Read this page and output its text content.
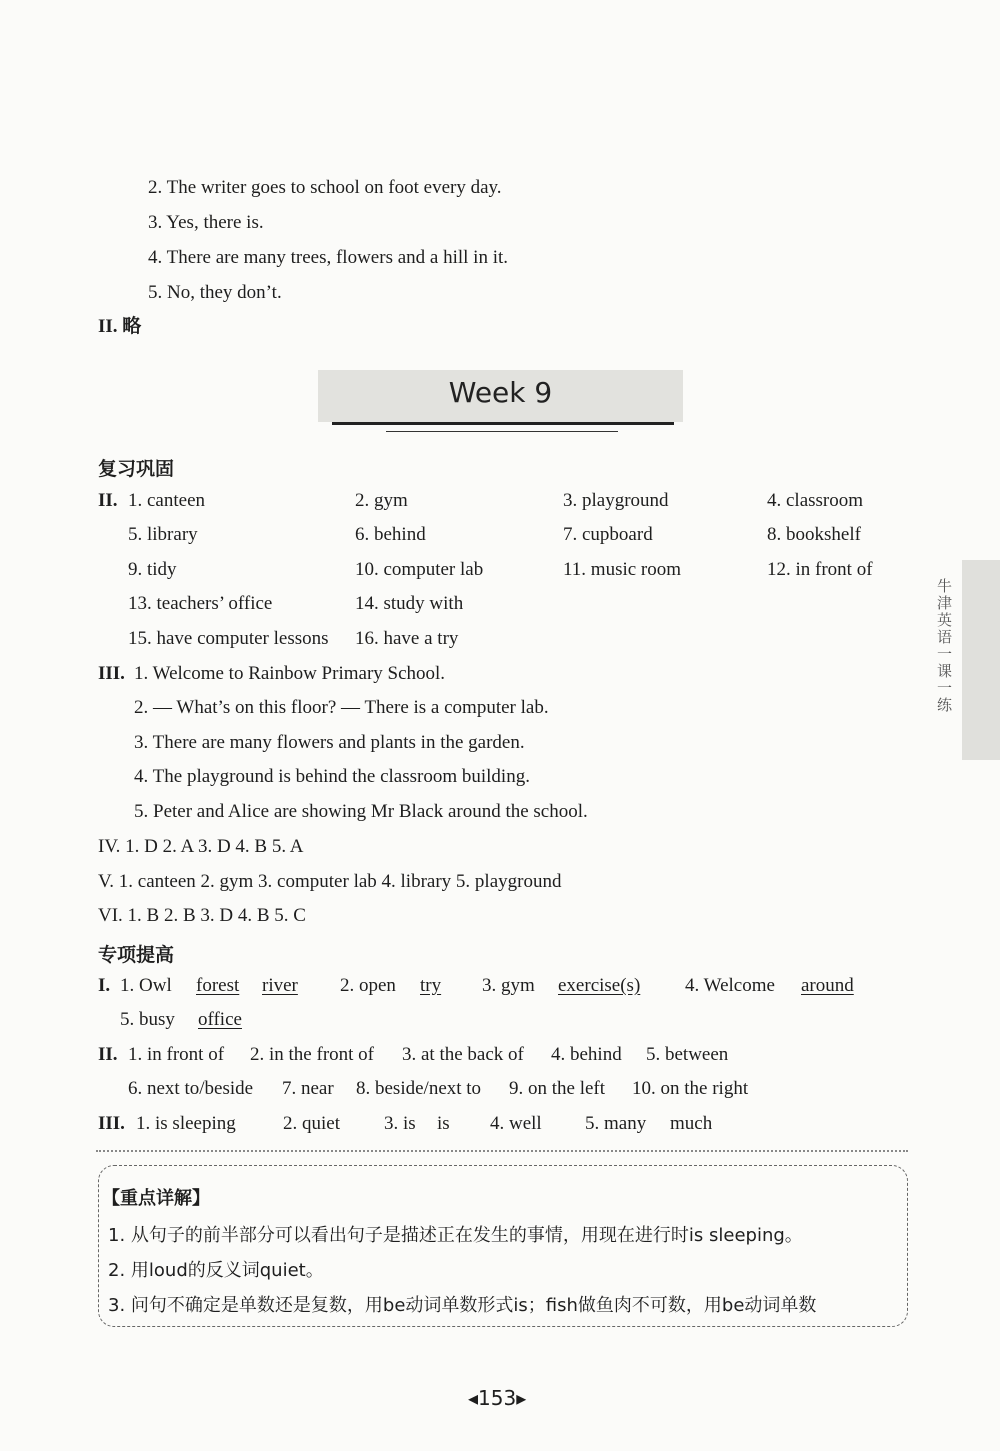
2. The writer goes to school on foot every day.
3. Yes, there is.
4. There are many trees, flowers and a hill in it.
5. No, they don’t.
II. 略
Week 9
牛津英语一课一练
复习巩固
II. 1. canteen	2. gym	3. playground	4. classroom
5. library	6. behind	7. cupboard	8. bookshelf
9. tidy	10. computer lab	11. music room	12. in front of
13. teachers’ office	14. study with
15. have computer lessons 16. have a try
III. 1. Welcome to Rainbow Primary School.
2. — What’s on this floor? — There is a computer lab.
3. There are many flowers and plants in the garden.
4. The playground is behind the classroom building.
5. Peter and Alice are showing Mr Black around the school.
IV. 1. D 2. A 3. D 4. B 5. A
V. 1. canteen 2. gym 3. computer lab 4. library 5. playground
VI. 1. B 2. B 3. D 4. B 5. C
专项提高
I. 1. Owl forest river 2. open try 3. gym exercise(s) 4. Welcome around
5. busy office
II. 1. in front of 2. in the front of 3. at the back of 4. behind 5. between
6. next to/beside 7. near 8. beside/next to 9. on the left 10. on the right
III. 1. is sleeping 2. quiet 3. is is 4. well 5. many much
【重点详解】
1. 从句子的前半部分可以看出句子是描述正在发生的事情，用现在进行时is sleeping。
2. 用loud的反义词quiet。
3. 问句不确定是单数还是复数，用be动词单数形式is；fish做鱼肉不可数，用be动词单数
◂153▸
